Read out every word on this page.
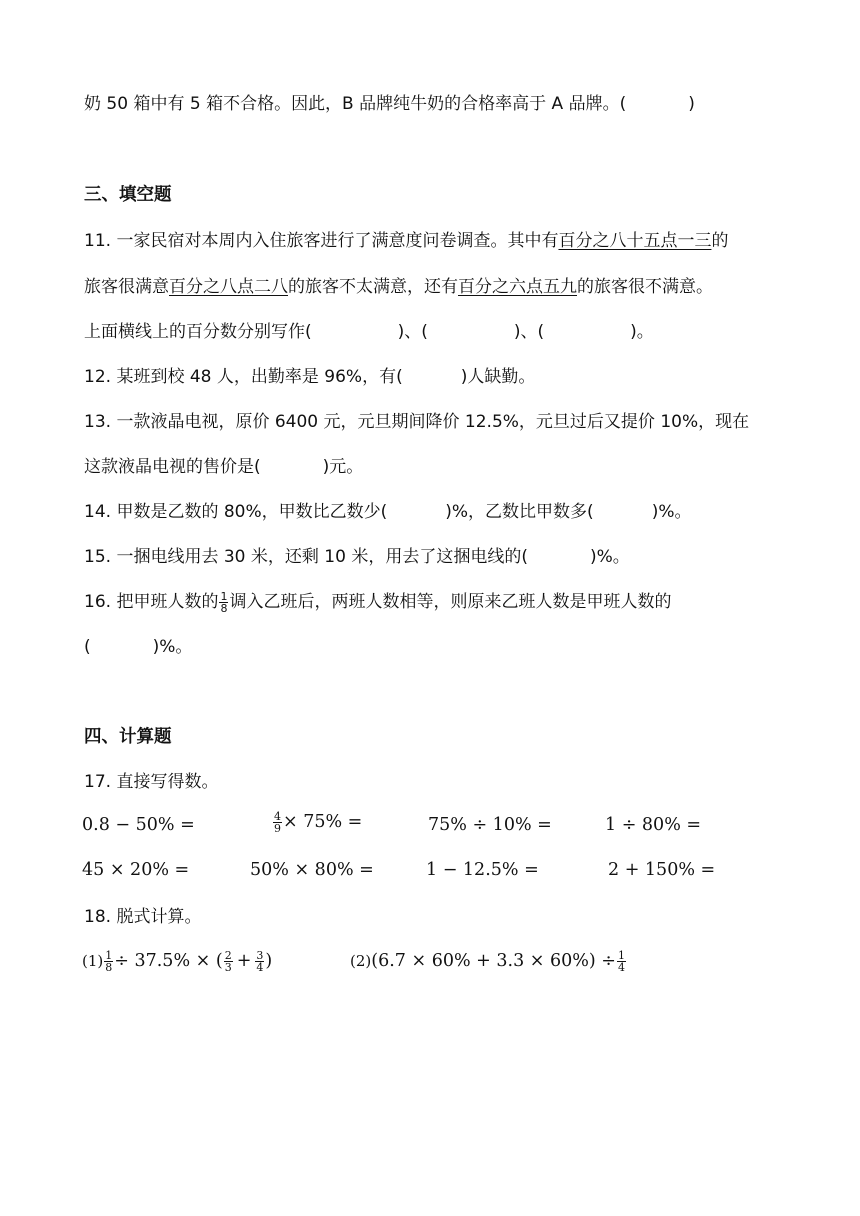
奶 50 箱中有 5 箱不合格。因此，B 品牌纯牛奶的合格率高于 A 品牌。(	)
三、填空题
11. 一家民宿对本周内入住旅客进行了满意度问卷调查。其中有百分之八十五点一三的
旅客很满意百分之八点二八的旅客不太满意，还有百分之六点五九的旅客很不满意。
上面横线上的百分数分别写作(	)、(	)、(	)。
12. 某班到校 48 人，出勤率是 96%，有(	)人缺勤。
13. 一款液晶电视，原价 6400 元，元旦期间降价 12.5%，元旦过后又提价 10%，现在
这款液晶电视的售价是(	)元。
14. 甲数是乙数的 80%，甲数比乙数少(	)%，乙数比甲数多(	)%。
15. 一捆电线用去 30 米，还剩 10 米，用去了这捆电线的(	)%。
16. 把甲班人数的 $\frac{1}{8}$ 调入乙班后，两班人数相等，则原来乙班人数是甲班人数的
(	)%。
四、计算题
17. 直接写得数。
0.8 − 50% =	$\frac{4}{9} \times 75\%$ =	75% ÷ 10% =	1 ÷ 80% =
45 × 20% =	50% × 80% =	1 − 12.5% =	2 + 150% =
18. 脱式计算。
$(1) \frac{1}{8} \div 37.5\%$ × ( $\frac{2}{3} + \frac{3}{4}$ )	$(2)(6.7 \times 60\% + 3.3 \times 60\%) \div \frac{1}{4}$
